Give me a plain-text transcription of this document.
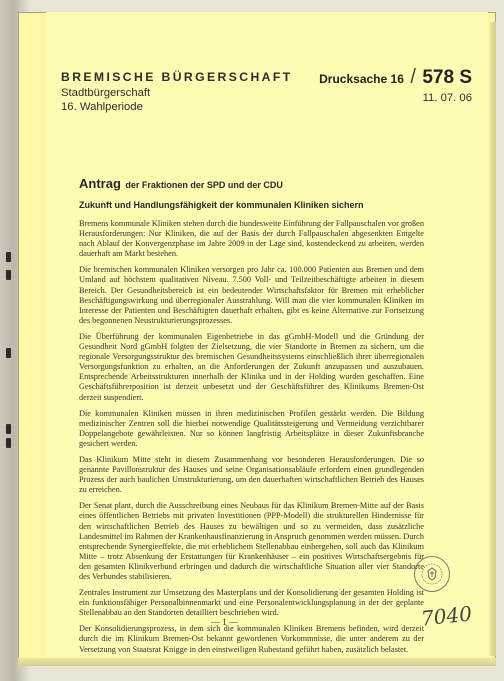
BREMISCHE BÜRGERSCHAFT
Stadtbürgerschaft
16. Wahlperiode
Drucksache 16 / 578 S
11. 07. 06
Antrag der Fraktionen der SPD und der CDU
Zukunft und Handlungsfähigkeit der kommunalen Kliniken sichern

Bremens kommunale Kliniken stehen durch die bundesweite Einführung der Fallpauschalen vor großen Herausforderungen: Nur Kliniken, die auf der Basis der durch Fallpauschalen abgesenkten Entgelte nach Ablauf der Konvergenzphase im Jahre 2009 in der Lage sind, kostendeckend zu arbeiten, werden dauerhaft am Markt bestehen.

Die bremischen kommunalen Kliniken versorgen pro Jahr ca. 100.000 Patienten aus Bremen und dem Umland auf höchstem qualitativen Niveau. 7.500 Voll- und Teilzeitbeschäftigte arbeiten in diesem Bereich. Der Gesundheitsbereich ist ein bedeutender Wirtschaftsfaktor für Bremen mit erheblicher Beschäftigungswirkung und überregionaler Ausstrahlung. Will man die vier kommunalen Kliniken im Interesse der Patienten und Beschäftigten dauerhaft erhalten, gibt es keine Alternative zur Fortsetzung des begonnenen Neustrukturierungsprozesses.

Die Überführung der kommunalen Eigenbetriebe in das gGmbH-Modell und die Gründung der Gesundheit Nord gGmbH folgten der Zielsetzung, die vier Standorte in Bremen zu sichern, um die regionale Versorgungsstruktur des bremischen Gesundheitssystems einschließlich ihrer überregionalen Versorgungsfunktion zu erhalten, an die Anforderungen der Zukunft anzupassen und auszubauen. Entsprechende Arbeitsstrukturen innerhalb der Klinika und in der Holding wurden geschaffen. Eine Geschäftsführerposition ist derzeit unbesetzt und der Geschäftsführer des Klinikums Bremen-Ost derzeit suspendiert.

Die kommunalen Kliniken müssen in ihren medizinischen Profilen gestärkt werden. Die Bildung medizinischer Zentren soll die hierbei notwendige Qualitätssteigerung und Vermeidung verzichtbarer Doppelangebote gewährleisten. Nur so können langfristig Arbeitsplätze in dieser Zukunftsbranche gesichert werden.

Das Klinikum Mitte steht in diesem Zusammenhang vor besonderen Herausforderungen. Die so genannte Pavillonstruktur des Hauses und seine Organisationsabläufe erfordern einen grundlegenden Prozess der auch baulichen Umstrukturierung, um den dauerhaften wirtschaftlichen Betrieb des Hauses zu erreichen.

Der Senat plant, durch die Ausschreibung eines Neubaus für das Klinikum Bremen-Mitte auf der Basis eines öffentlichen Betriebs mit privaten Investitionen (PPP-Modell) die strukturellen Hindernisse für den wirtschaftlichen Betrieb des Hauses zu bewältigen und so zu vermeiden, dass zusätzliche Landesmittel im Rahmen der Krankenhausfinanzierung in Anspruch genommen werden müssen. Durch entsprechende Synergieeffekte, die mit erheblichem Stellenabbau einhergehen, soll auch das Klinikum Mitte – trotz Absenkung der Erstattungen für Krankenhäuser – ein positives Wirtschaftsergebnis für den gesamten Klinikverbund erbringen und dadurch die wirtschaftliche Situation aller vier Standorte des Verbundes stabilisieren.

Zentrales Instrument zur Umsetzung des Masterplans und der Konsolidierung der gesamten Holding ist ein funktionsfähiger Personalbinnenmarkt und eine Personalentwicklungsplanung in der der geplante Stellenabbau an den Standorten detailliert beschrieben wird.

Der Konsolidierungsprozess, in dem sich die kommunalen Kliniken Bremens befinden, wird derzeit durch die im Klinikum Bremen-Ost bekannt gewordenen Vorkommnisse, die unter anderem zu der Versetzung von Staatsrat Knigge in den einstweiligen Ruhestand geführt haben, zusätzlich belastet.

7040
— 1 —
